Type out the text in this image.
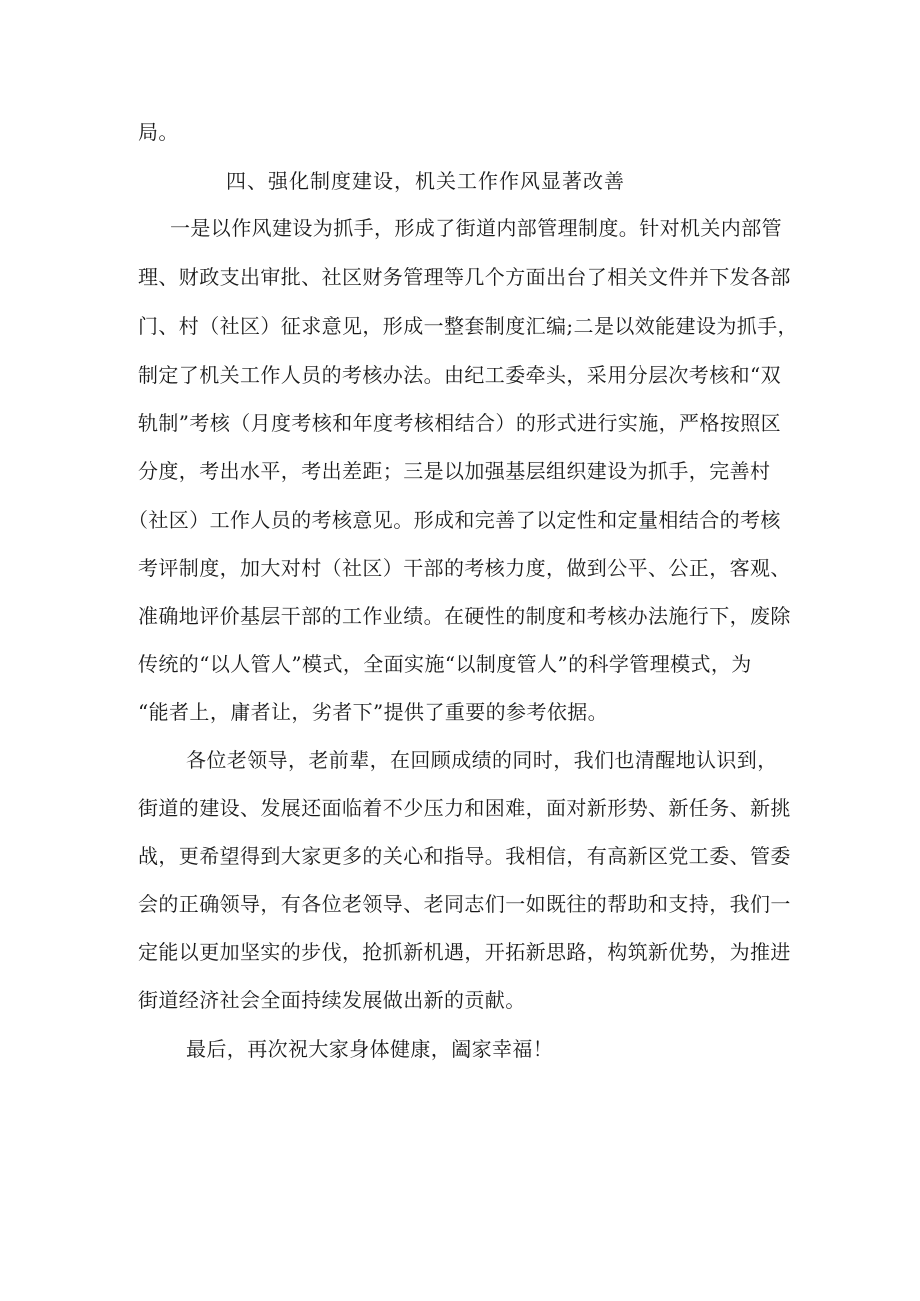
局。
四、强化制度建设，机关工作作风显著改善
一是以作风建设为抓手，形成了街道内部管理制度。针对机关内部管
理、财政支出审批、社区财务管理等几个方面出台了相关文件并下发各部
门、村（社区）征求意见，形成一整套制度汇编;二是以效能建设为抓手，
制定了机关工作人员的考核办法。由纪工委牵头，采用分层次考核和“双
轨制”考核（月度考核和年度考核相结合）的形式进行实施，严格按照区
分度，考出水平，考出差距；三是以加强基层组织建设为抓手，完善村
（社区）工作人员的考核意见。形成和完善了以定性和定量相结合的考核
考评制度，加大对村（社区）干部的考核力度，做到公平、公正，客观、
准确地评价基层干部的工作业绩。在硬性的制度和考核办法施行下，废除
传统的“以人管人”模式，全面实施“以制度管人”的科学管理模式，为
“能者上，庸者让，劣者下”提供了重要的参考依据。
各位老领导，老前辈，在回顾成绩的同时，我们也清醒地认识到，
街道的建设、发展还面临着不少压力和困难，面对新形势、新任务、新挑
战，更希望得到大家更多的关心和指导。我相信，有高新区党工委、管委
会的正确领导，有各位老领导、老同志们一如既往的帮助和支持，我们一
定能以更加坚实的步伐，抢抓新机遇，开拓新思路，构筑新优势，为推进
街道经济社会全面持续发展做出新的贡献。
最后，再次祝大家身体健康，阖家幸福！
